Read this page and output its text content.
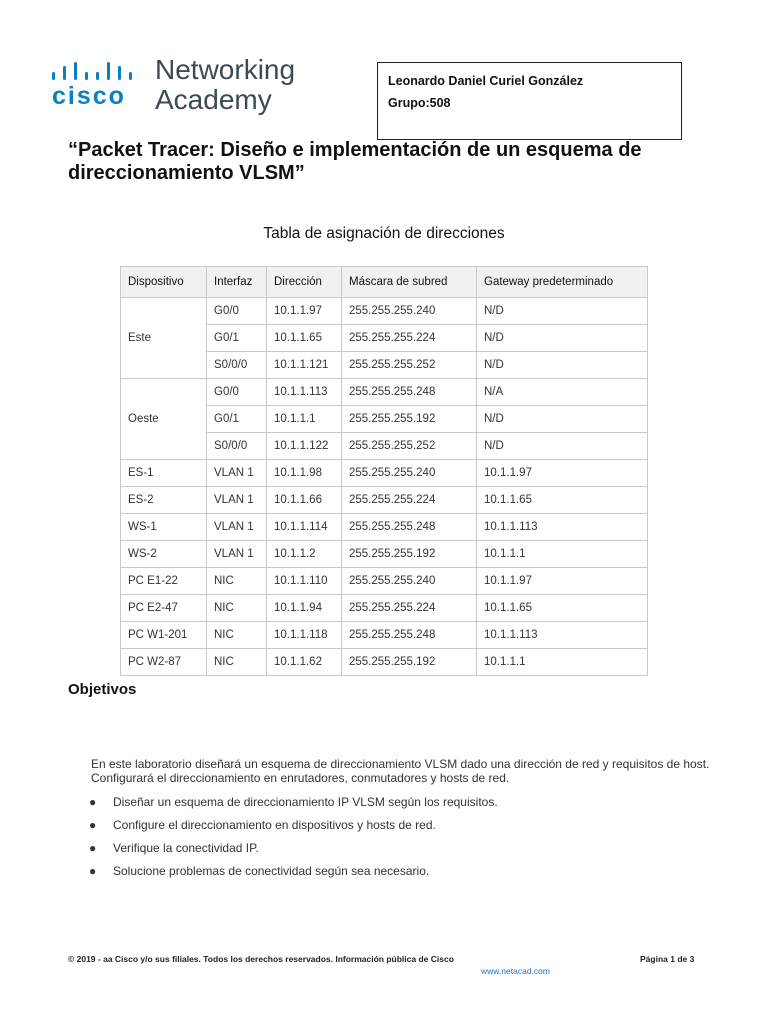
cisco
Networking
Academy
Leonardo Daniel Curiel González
Grupo:508
“Packet Tracer: Diseño e implementación de un esquema de direccionamiento VLSM”
Tabla de asignación de direcciones
Dispositivo	Interfaz	Dirección	Máscara de subred	Gateway predeterminado
Este	G0/0	10.1.1.97	255.255.255.240	N/D
	G0/1	10.1.1.65	255.255.255.224	N/D
	S0/0/0	10.1.1.121	255.255.255.252	N/D
Oeste	G0/0	10.1.1.113	255.255.255.248	N/A
	G0/1	10.1.1.1	255.255.255.192	N/D
	S0/0/0	10.1.1.122	255.255.255.252	N/D
ES-1	VLAN 1	10.1.1.98	255.255.255.240	10.1.1.97
ES-2	VLAN 1	10.1.1.66	255.255.255.224	10.1.1.65
WS-1	VLAN 1	10.1.1.114	255.255.255.248	10.1.1.113
WS-2	VLAN 1	10.1.1.2	255.255.255.192	10.1.1.1
PC E1-22	NIC	10.1.1.110	255.255.255.240	10.1.1.97
PC E2-47	NIC	10.1.1.94	255.255.255.224	10.1.1.65
PC W1-201	NIC	10.1.1.118	255.255.255.248	10.1.1.113
PC W2-87	NIC	10.1.1.62	255.255.255.192	10.1.1.1
Objetivos
En este laboratorio diseñará un esquema de direccionamiento VLSM dado una dirección de red y requisitos de host. Configurará el direccionamiento en enrutadores, conmutadores y hosts de red.
● Diseñar un esquema de direccionamiento IP VLSM según los requisitos.
● Configure el direccionamiento en dispositivos y hosts de red.
● Verifique la conectividad IP.
● Solucione problemas de conectividad según sea necesario.
© 2019 - aa Cisco y/o sus filiales. Todos los derechos reservados. Información pública de Cisco	Página 1 de 3
www.netacad.com
